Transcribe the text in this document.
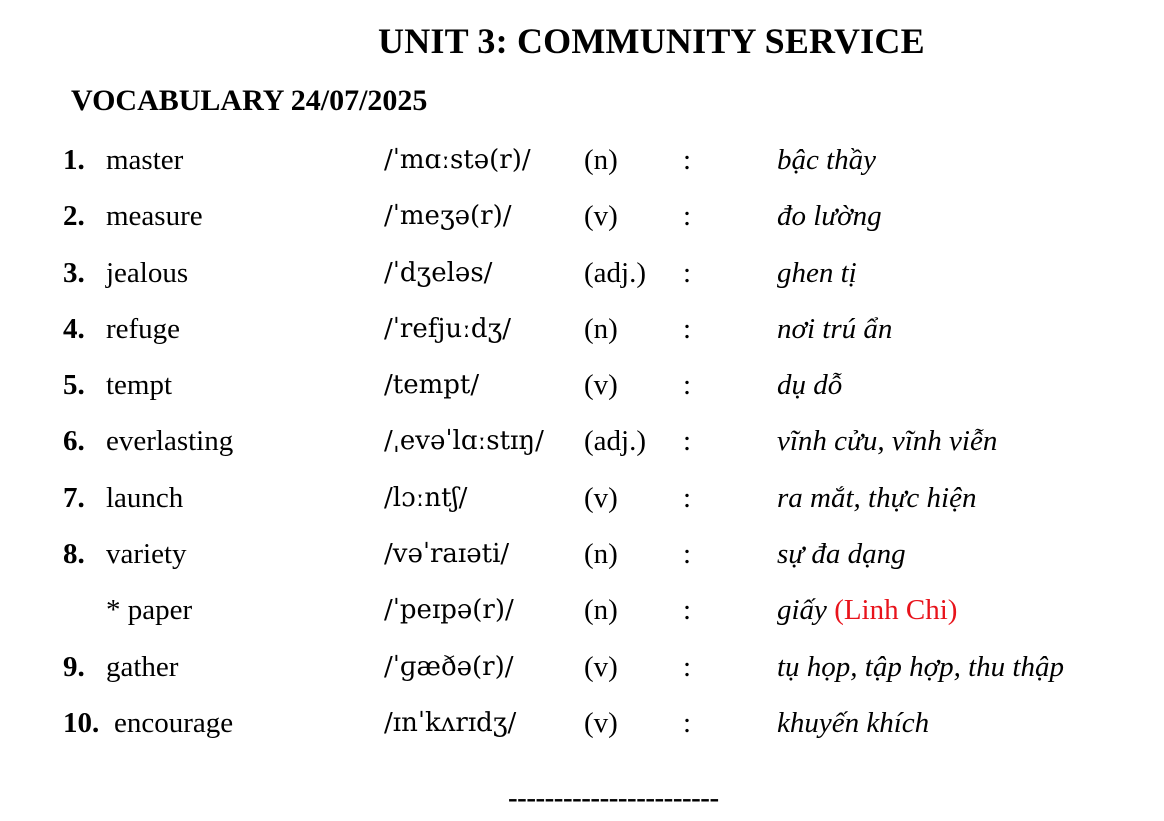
UNIT 3: COMMUNITY SERVICE
VOCABULARY 24/07/2025
1. master	/ˈmɑːstə(r)/ (n) :	bậc thầy
2. measure	/ˈmeʒə(r)/	(v) :	đo lường
3. jealous	/ˈdʒeləs/	(adj.) :	ghen tị
4. refuge	/ˈrefjuːdʒ/	(n) :	nơi trú ẩn
5. tempt	/tempt/	(v) :	dụ dỗ
6. everlasting	/ˌevəˈlɑːstɪŋ/ (adj.) :	vĩnh cửu, vĩnh viễn
7. launch	/lɔːntʃ/	(v) :	ra mắt, thực hiện
8. variety	/vəˈraɪəti/	(n) :	sự đa dạng
* paper	/ˈpeɪpə(r)/ (n) :	giấy (Linh Chi)
9. gather	/ˈɡæðə(r)/ (v) :	tụ họp, tập hợp, thu thập
10. encourage	/ɪnˈkʌrɪdʒ/ (v) :	khuyến khích
-----------------------
